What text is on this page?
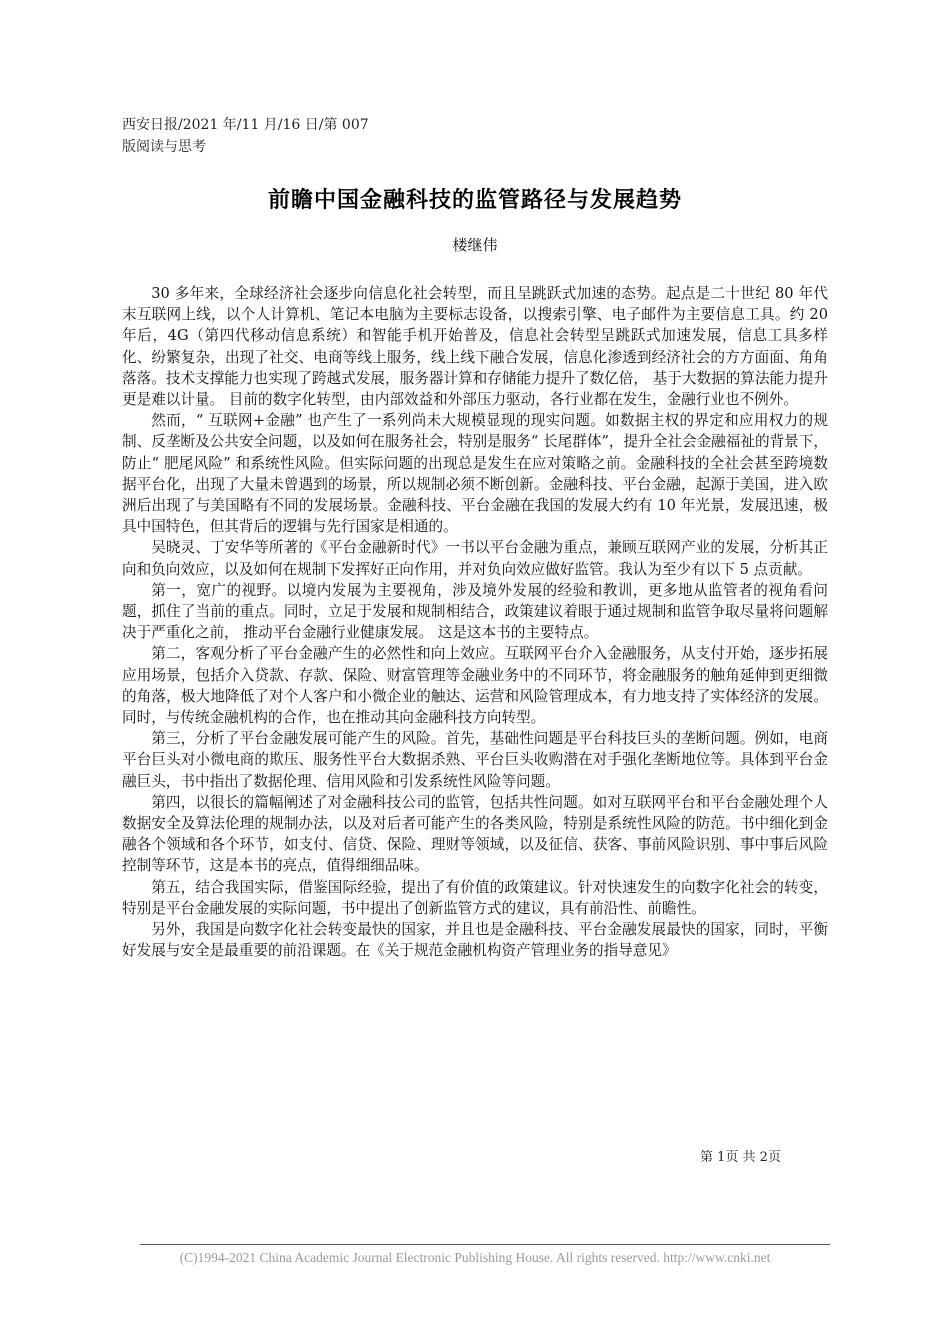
西安日报/2021 年/11 月/16 日/第 007
版阅读与思考
前瞻中国金融科技的监管路径与发展趋势
楼继伟

30 多年来，全球经济社会逐步向信息化社会转型，而且呈跳跃式加速的态势。起点是二十世纪 80 年代末互联网上线，以个人计算机、笔记本电脑为主要标志设备，以搜索引擎、电子邮件为主要信息工具。约 20 年后，4G（第四代移动信息系统）和智能手机开始普及，信息社会转型呈跳跃式加速发展，信息工具多样化、纷繁复杂，出现了社交、电商等线上服务，线上线下融合发展，信息化渗透到经济社会的方方面面、角角落落。技术支撑能力也实现了跨越式发展，服务器计算和存储能力提升了数亿倍， 基于大数据的算法能力提升更是难以计量。 目前的数字化转型，由内部效益和外部压力驱动，各行业都在发生，金融行业也不例外。

然而，“ 互联网+金融” 也产生了一系列尚未大规模显现的现实问题。如数据主权的界定和应用权力的规制、反垄断及公共安全问题，以及如何在服务社会，特别是服务“ 长尾群体”，提升全社会金融福祉的背景下，防止“ 肥尾风险” 和系统性风险。但实际问题的出现总是发生在应对策略之前。金融科技的全社会甚至跨境数据平台化，出现了大量未曾遇到的场景，所以规制必须不断创新。金融科技、平台金融，起源于美国，进入欧洲后出现了与美国略有不同的发展场景。金融科技、平台金融在我国的发展大约有 10 年光景，发展迅速，极具中国特色，但其背后的逻辑与先行国家是相通的。

吴晓灵、丁安华等所著的《平台金融新时代》一书以平台金融为重点，兼顾互联网产业的发展，分析其正向和负向效应，以及如何在规制下发挥好正向作用，并对负向效应做好监管。我认为至少有以下 5 点贡献。

第一，宽广的视野。以境内发展为主要视角，涉及境外发展的经验和教训，更多地从监管者的视角看问题，抓住了当前的重点。同时，立足于发展和规制相结合，政策建议着眼于通过规制和监管争取尽量将问题解决于严重化之前， 推动平台金融行业健康发展。 这是这本书的主要特点。

第二，客观分析了平台金融产生的必然性和向上效应。互联网平台介入金融服务，从支付开始，逐步拓展应用场景，包括介入贷款、存款、保险、财富管理等金融业务中的不同环节，将金融服务的触角延伸到更细微的角落，极大地降低了对个人客户和小微企业的触达、运营和风险管理成本，有力地支持了实体经济的发展。同时，与传统金融机构的合作，也在推动其向金融科技方向转型。

第三，分析了平台金融发展可能产生的风险。首先，基础性问题是平台科技巨头的垄断问题。例如，电商平台巨头对小微电商的欺压、服务性平台大数据杀熟、平台巨头收购潜在对手强化垄断地位等。具体到平台金融巨头，书中指出了数据伦理、信用风险和引发系统性风险等问题。

第四，以很长的篇幅阐述了对金融科技公司的监管，包括共性问题。如对互联网平台和平台金融处理个人数据安全及算法伦理的规制办法，以及对后者可能产生的各类风险，特别是系统性风险的防范。书中细化到金融各个领域和各个环节，如支付、信贷、保险、理财等领域，以及征信、获客、事前风险识别、事中事后风险控制等环节，这是本书的亮点，值得细细品味。

第五，结合我国实际，借鉴国际经验，提出了有价值的政策建议。针对快速发生的向数字化社会的转变，特别是平台金融发展的实际问题，书中提出了创新监管方式的建议，具有前沿性、前瞻性。

另外，我国是向数字化社会转变最快的国家，并且也是金融科技、平台金融发展最快的国家，同时，平衡好发展与安全是最重要的前沿课题。在《关于规范金融机构资产管理业务的指导意见》

第 1页 共 2页
(C)1994-2021 China Academic Journal Electronic Publishing House. All rights reserved. http://www.cnki.net
